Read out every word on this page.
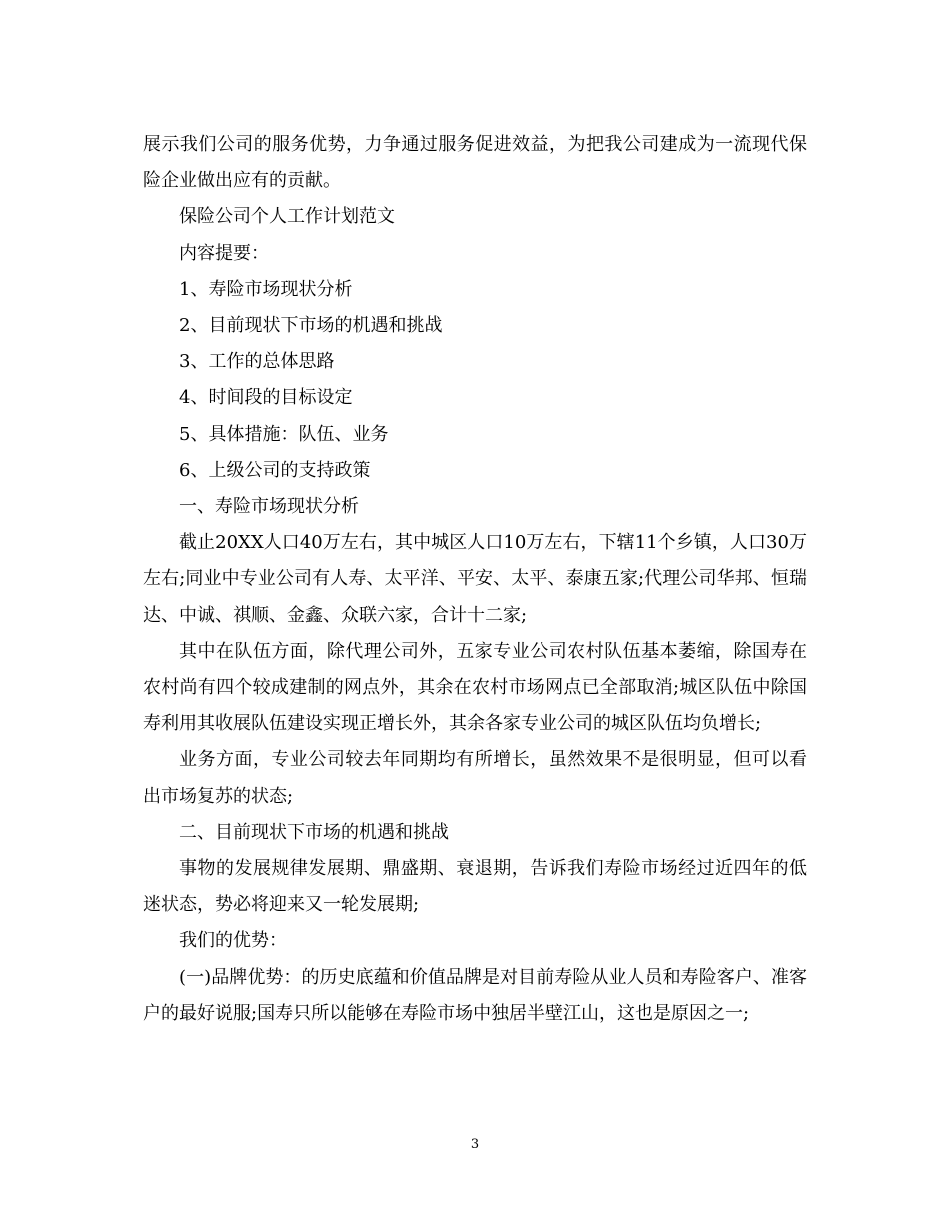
展示我们公司的服务优势，力争通过服务促进效益，为把我公司建成为一流现代保险企业做出应有的贡献。

保险公司个人工作计划范文

内容提要：

1、寿险市场现状分析

2、目前现状下市场的机遇和挑战

3、工作的总体思路

4、时间段的目标设定

5、具体措施：队伍、业务

6、上级公司的支持政策

一、寿险市场现状分析

截止20XX人口40万左右，其中城区人口10万左右，下辖11个乡镇，人口30万左右;同业中专业公司有人寿、太平洋、平安、太平、泰康五家;代理公司华邦、恒瑞达、中诚、祺顺、金鑫、众联六家，合计十二家;

其中在队伍方面，除代理公司外，五家专业公司农村队伍基本萎缩，除国寿在农村尚有四个较成建制的网点外，其余在农村市场网点已全部取消;城区队伍中除国寿利用其收展队伍建设实现正增长外，其余各家专业公司的城区队伍均负增长;

业务方面，专业公司较去年同期均有所增长，虽然效果不是很明显，但可以看出市场复苏的状态;

二、目前现状下市场的机遇和挑战

事物的发展规律发展期、鼎盛期、衰退期，告诉我们寿险市场经过近四年的低迷状态，势必将迎来又一轮发展期;

我们的优势：

(一)品牌优势：的历史底蕴和价值品牌是对目前寿险从业人员和寿险客户、准客户的最好说服;国寿只所以能够在寿险市场中独居半壁江山，这也是原因之一;

3
